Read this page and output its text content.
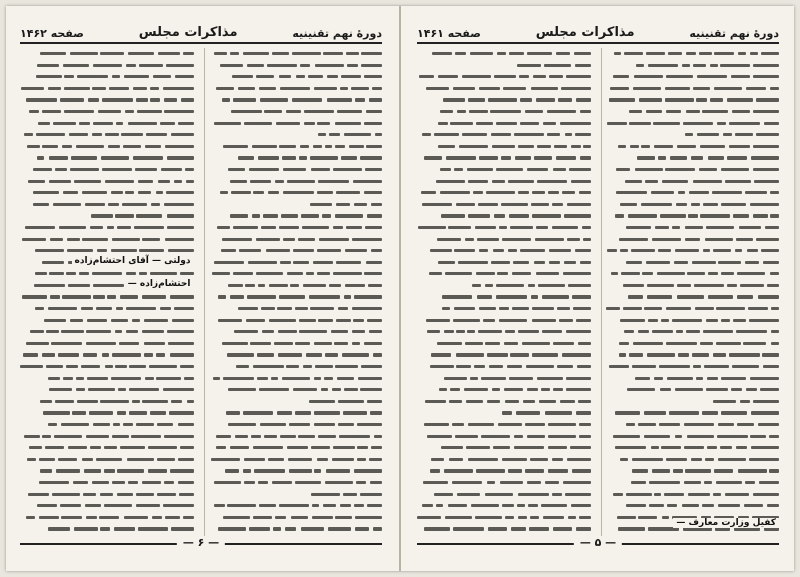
دورهٔ نهم تقنینیه
مذاکرات مجلس
صفحه ۱۴۶۲
دولتی — آقای احتشام‌زاده
احتشام‌زاده —
— ۶ —
دورهٔ نهم تقنینیه
مذاکرات مجلس
صفحه ۱۴۶۱
کفیل وزارت معارف —
— ۵ —
